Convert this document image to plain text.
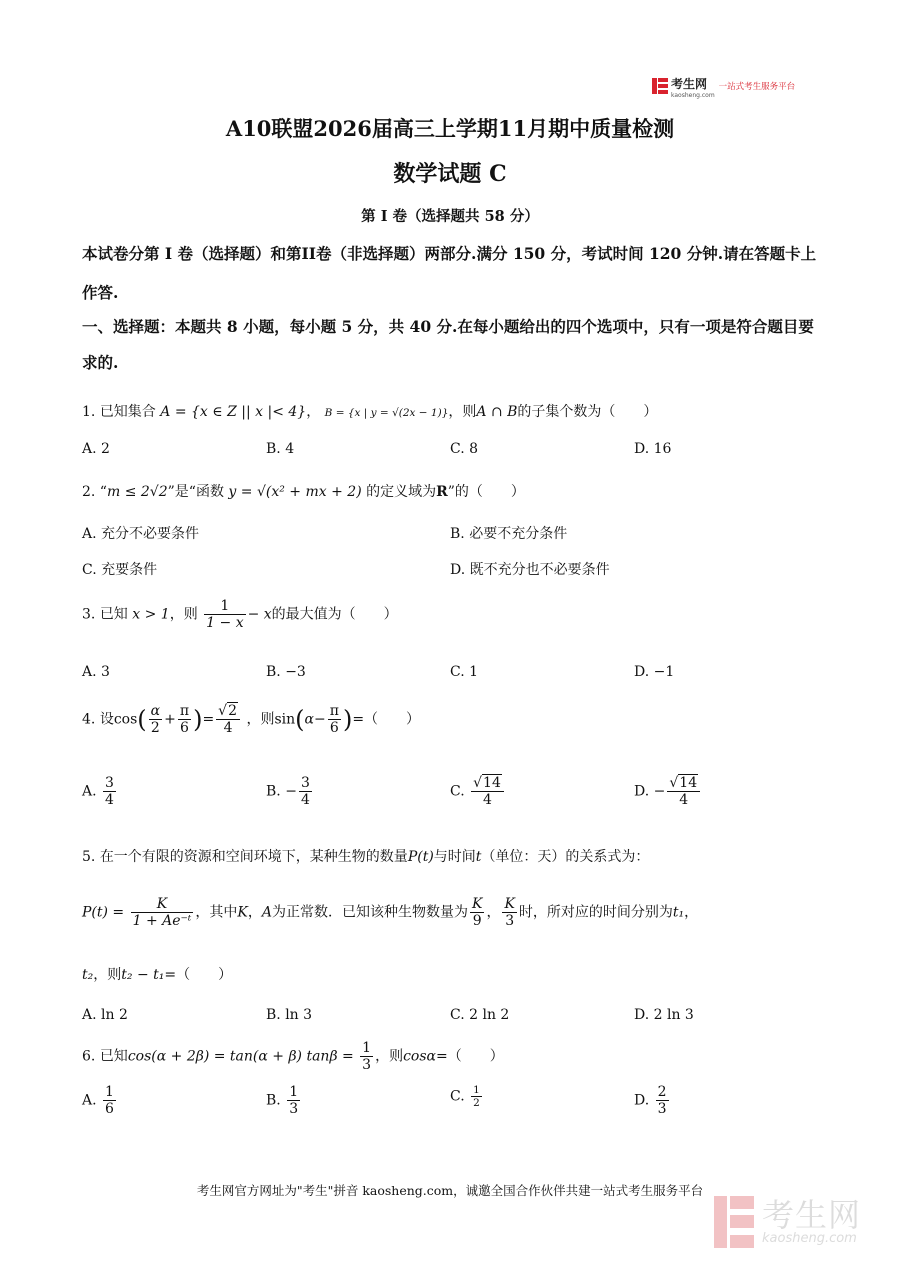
考生网
kaosheng.com
一站式考生服务平台
A10联盟2026届高三上学期11月期中质量检测
数学试题 C
第 I 卷（选择题共 58 分）
本试卷分第 I 卷（选择题）和第II卷（非选择题）两部分.满分 150 分，考试时间 120 分钟.请在答题卡上作答.
一、选择题：本题共 8 小题，每小题 5 分，共 40 分.在每小题给出的四个选项中，只有一项是符合题目要求的.
1. 已知集合 A = {x ∈ Z || x |< 4}， B = {x | y = √(2x − 1)}，则A ∩ B的子集个数为（　　）
A. 2	B. 4	C. 8	D. 16
2. “m ≤ 2√2”是“函数 y = √(x² + mx + 2) 的定义域为R”的（　　）
A. 充分不必要条件	B. 必要不充分条件
C. 充要条件	D. 既不充分也不必要条件
3. 已知 x > 1，则 $\frac{1}{1 - x} - x$的最大值为（　　）
A. 3	B. −3	C. 1	D. −1
4. 设$\cos( \frac{\alpha}{2} + \frac{\pi}{6}$ )= $\frac{√2}{4}$ ，则$\sin(\alpha- \frac{\pi}{6}$ )=（　　）
A. $\frac{3}{4}$	B. − $\frac{3}{4}$	C. $\frac{√14}{4}$	D. − $\frac{√14}{4}$
5. 在一个有限的资源和空间环境下，某种生物的数量P(t)与时间t（单位：天）的关系式为：
$P(t) = \frac{K}{\text{1 + Ae⁻ᵗ}}$ ，其中K，A为正常数．已知该种生物数量为 $\frac{K}{9}$ ， $\frac{K}{3}$ 时，所对应的时间分别为t₁，
t₂，则t₂ − t₁=（　　）
A. ln 2	B. ln 3	C. 2 ln 2	D. 2 ln 3
6. 已知cos(α + 2β) = tan(α + β) $\tan\beta = \frac{1}{3}$ ，则cosα=（　　）
A. $\frac{1}{6}$	B. $\frac{1}{3}$	C. $\frac{1}{2}$	D. $\frac{2}{3}$
考生网官方网址为"考生"拼音 kaosheng.com，诚邀全国合作伙伴共建一站式考生服务平台
考生网
kaosheng.com
